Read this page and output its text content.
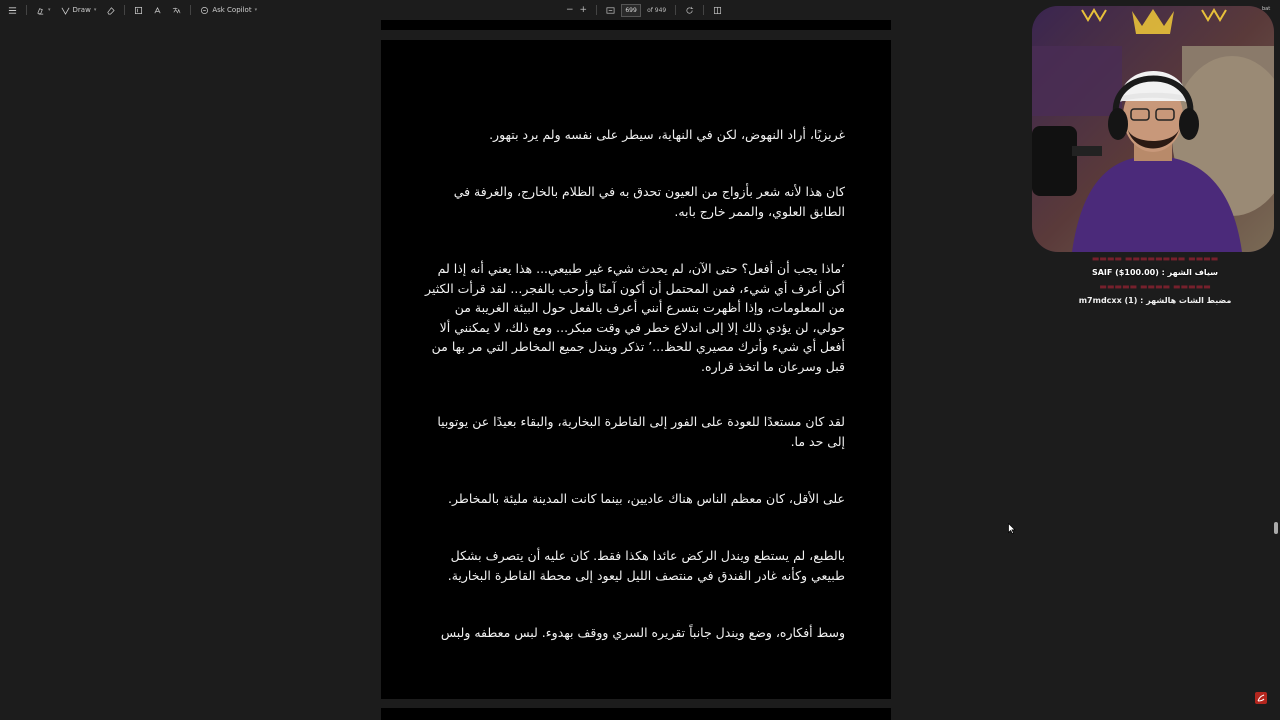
▾	Draw ▾	Ask Copilot ▾	− +	699 of 949

غريزيًا، أراد النهوض، لكن في النهاية، سيطر على نفسه ولم يرد بتهور.

كان هذا لأنه شعر بأزواج من العيون تحدق به في الظلام بالخارج، والغرفة في الطابق العلوي، والممر خارج بابه.

‘ماذا يجب أن أفعل؟ حتى الآن، لم يحدث شيء غير طبيعي... هذا يعني أنه إذا لم أكن أعرف أي شيء، فمن المحتمل أن أكون آمنًا وأرحب بالفجر... لقد قرأت الكثير من المعلومات، وإذا أظهرت بتسرع أنني أعرف بالفعل حول البيئة الغريبة من حولي، لن يؤدي ذلك إلا إلى اندلاع خطر في وقت مبكر... ومع ذلك، لا يمكنني ألا أفعل أي شيء وأترك مصيري للحظ...’ تذكر ويندل جميع المخاطر التي مر بها من قبل وسرعان ما اتخذ قراره.

لقد كان مستعدًا للعودة على الفور إلى القاطرة البخارية، والبقاء بعيدًا عن يوتوبيا إلى حد ما.

على الأقل، كان معظم الناس هناك عاديين، بينما كانت المدينة مليئة بالمخاطر.

بالطبع، لم يستطع ويندل الركض عائدا هكذا فقط. كان عليه أن يتصرف بشكل طبيعي وكأنه غادر الفندق في منتصف الليل ليعود إلى محطة القاطرة البخارية.

وسط أفكاره، وضع ويندل جانباً تقريره السري ووقف بهدوء. لبس معطفه ولبس

bat
▬▬▬▬ ▬▬▬▬▬▬▬▬ ▬▬▬▬
SAIF ($100.00) : سياف الشهر
▬▬▬▬▬ ▬▬▬▬ ▬▬▬▬▬
m7mdcxx (1) : مضبط الشات هالشهر
